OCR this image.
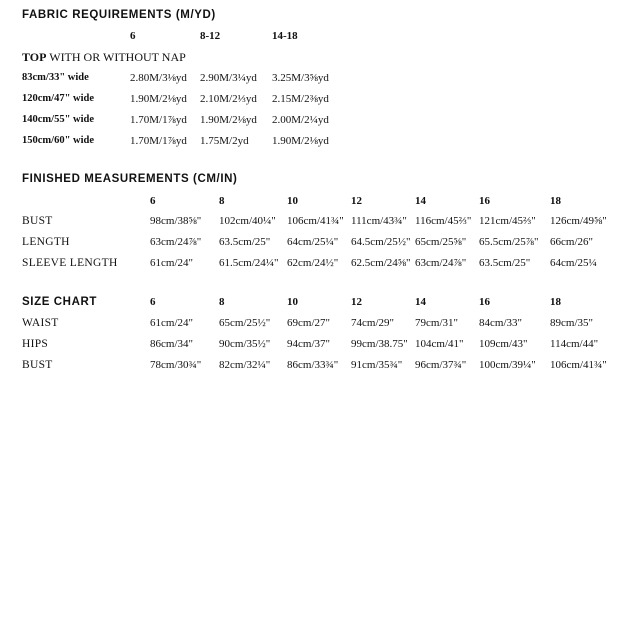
FABRIC REQUIREMENTS (M/YD)
6	8-12	14-18
TOP WITH OR WITHOUT NAP
83cm/33" wide	2.80M/3⅛yd 2.90M/3¼yd 3.25M/3⅝yd
120cm/47" wide	1.90M/2⅛yd 2.10M/2⅓yd 2.15M/2⅜yd
140cm/55" wide	1.70M/1⅞yd 1.90M/2⅛yd 2.00M/2¼yd
150cm/60" wide	1.70M/1⅞yd 1.75M/2yd 1.90M/2⅛yd
FINISHED MEASUREMENTS (CM/IN)
6	8	10	12	14	16	18
BUST	98cm/38⅝" 102cm/40¼" 106cm/41¾" 111cm/43¾" 116cm/45⅔" 121cm/45⅔" 126cm/49⅝"
LENGTH	63cm/24⅞" 63.5cm/25" 64cm/25¼" 64.5cm/25½" 65cm/25⅝" 65.5cm/25⅞" 66cm/26"
SLEEVE LENGTH	61cm/24" 61.5cm/24¼" 62cm/24½" 62.5cm/24⅝" 63cm/24⅞" 63.5cm/25" 64cm/25¼
SIZE CHART	6	8	10	12	14	16	18
WAIST	61cm/24" 65cm/25½" 69cm/27" 74cm/29" 79cm/31" 84cm/33"	89cm/35"
HIPS	86cm/34" 90cm/35½" 94cm/37" 99cm/38.75" 104cm/41" 109cm/43" 114cm/44"
BUST	78cm/30¾" 82cm/32¼" 86cm/33¾" 91cm/35¾" 96cm/37¾" 100cm/39¼" 106cm/41¾"
